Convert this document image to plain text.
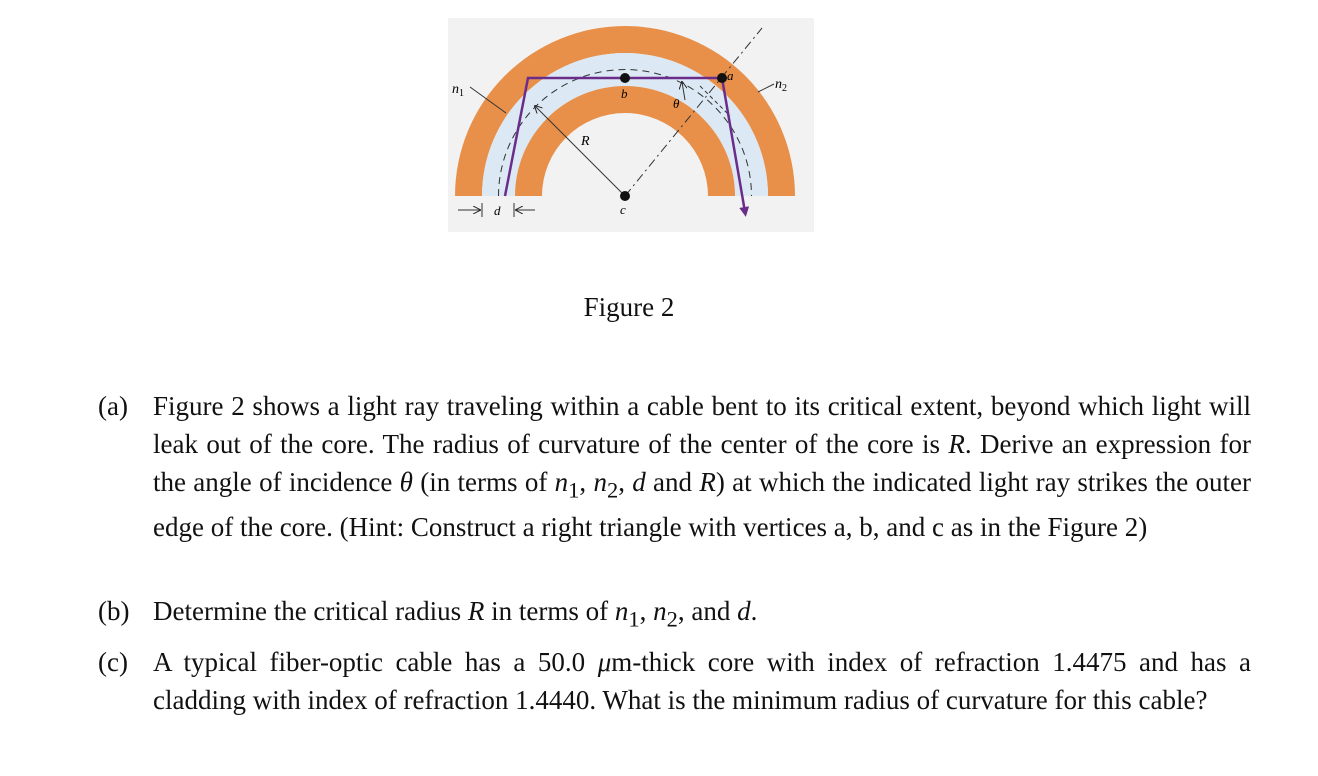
$n_1$
$n_2$
a
b
c
R
θ
d
Figure 2
(a) Figure 2 shows a light ray traveling within a cable bent to its critical extent, beyond which light will leak out of the core. The radius of curvature of the center of the core is R. Derive an expression for the angle of incidence θ (in terms of $n_1$, $n_2$, d and R) at which the indicated light ray strikes the outer edge of the core. (Hint: Construct a right triangle with vertices a, b, and c as in the Figure 2)
(b) Determine the critical radius R in terms of $n_1$, $n_2$, and d.
(c) A typical fiber-optic cable has a 50.0 μm-thick core with index of refraction 1.4475 and has a cladding with index of refraction 1.4440. What is the minimum radius of curvature for this cable?
